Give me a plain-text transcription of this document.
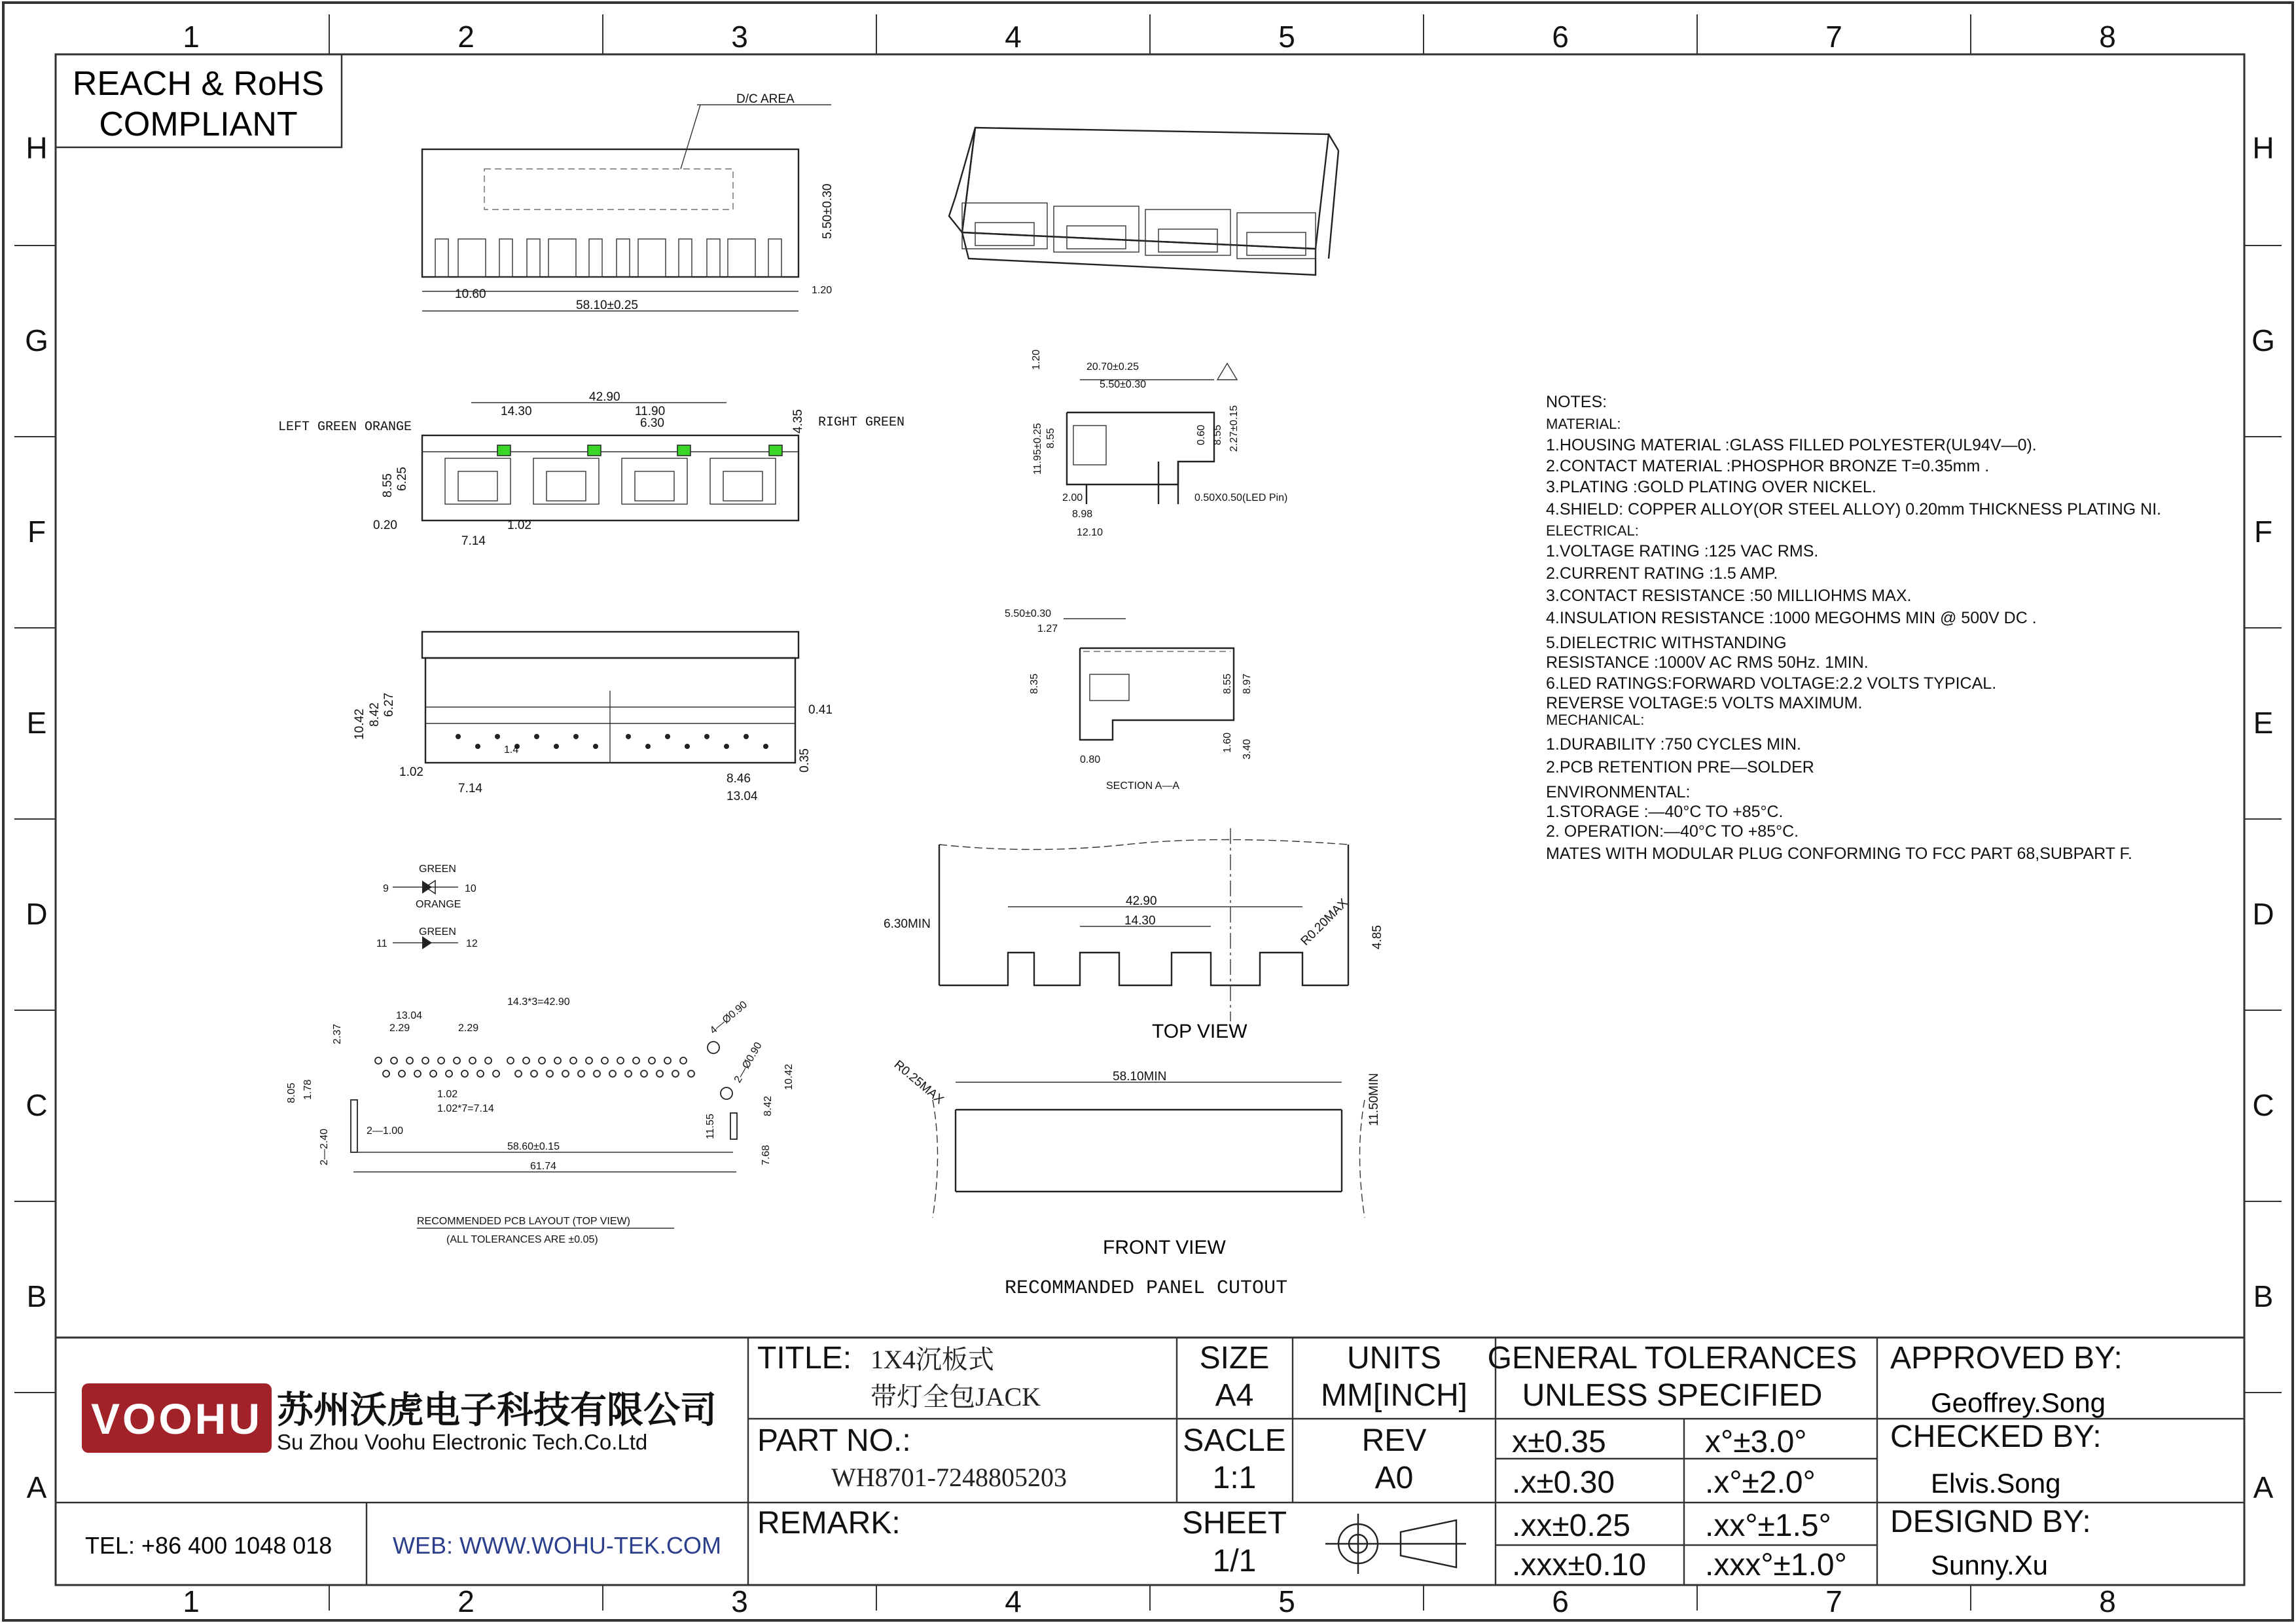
1	2	3	4	5	6	7	8
1	2	3	4	5	6	7	8
H
G
F
E
D
C
B
A
H
G
F
E
D
C
B
A
REACH & RoHS
COMPLIANT
D/C AREA
10.60
58.10±0.25
1.20
5.50±0.30
LEFT GREEN ORANGE	RIGHT GREEN
42.90
14.30	11.90
6.30	4.35
8.55 6.25
0.20	1.02
7.14
20.70±0.25
5.50±0.30
1.20
11.95±0.25 8.55
2.00
8.98
12.10
0.60 2.27±0.15
8.55
0.50X0.50(LED Pin)
10.42 8.42 6.27	0.41
1.02
7.14
8.46
13.04
0.35
1.4
5.50±0.30
1.27
8.35	8.55 8.97
1.60 3.40
0.80
SECTION A—A
GREEN
ORANGE
9	10
GREEN
11	12
14.3*3=42.90
13.04
2.29	2.29
2.37
1.02
1.02*7=7.14
8.05 1.78
2—1.00
2—2.40	58.60±0.15
61.74
4—Ø0.90
2—Ø0.90 10.42
8.42
11.55
7.68
RECOMMENDED PCB LAYOUT (TOP VIEW)
(ALL TOLERANCES ARE ±0.05)
42.90
14.30
6.30MIN	R0.20MAX 4.85
TOP VIEW
58.10MIN
R0.25MAX	11.50MIN
FRONT VIEW
RECOMMANDED PANEL CUTOUT
NOTES:
MATERIAL:
1.HOUSING MATERIAL :GLASS FILLED POLYESTER(UL94V—0).
2.CONTACT MATERIAL :PHOSPHOR BRONZE T=0.35mm .
3.PLATING :GOLD PLATING OVER NICKEL.
4.SHIELD: COPPER ALLOY(OR STEEL ALLOY) 0.20mm THICKNESS PLATING NI.
ELECTRICAL:
1.VOLTAGE RATING :125 VAC RMS.
2.CURRENT RATING :1.5 AMP.
3.CONTACT RESISTANCE :50 MILLIOHMS MAX.
4.INSULATION RESISTANCE :1000 MEGOHMS MIN @ 500V DC .
5.DIELECTRIC WITHSTANDING
RESISTANCE :1000V AC RMS 50Hz. 1MIN.
6.LED RATINGS:FORWARD VOLTAGE:2.2 VOLTS TYPICAL.
REVERSE VOLTAGE:5 VOLTS MAXIMUM.
MECHANICAL:
1.DURABILITY :750 CYCLES MIN.
2.PCB RETENTION PRE—SOLDER
ENVIRONMENTAL:
1.STORAGE :—40°C TO +85°C.
2. OPERATION:—40°C TO +85°C.
MATES WITH MODULAR PLUG CONFORMING TO FCC PART 68,SUBPART F.
VOOHU 苏州沃虎电子科技有限公司
Su Zhou Voohu Electronic Tech.Co.Ltd
TEL: +86 400 1048 018	WEB: WWW.WOHU-TEK.COM
TITLE: 1X4沉板式
带灯全包JACK
PART NO.:
WH8701-7248805203
REMARK:
SIZE
A4
UNITS
MM[INCH]
SACLE
1:1
REV
A0
SHEET
1/1
GENERAL TOLERANCES
UNLESS SPECIFIED
x±0.35	x°±3.0°
.x±0.30	.x°±2.0°
.xx±0.25 .xx°±1.5°
.xxx±0.10 .xxx°±1.0°
APPROVED BY:
Geoffrey.Song
CHECKED BY:
Elvis.Song
DESIGND BY:
Sunny.Xu
